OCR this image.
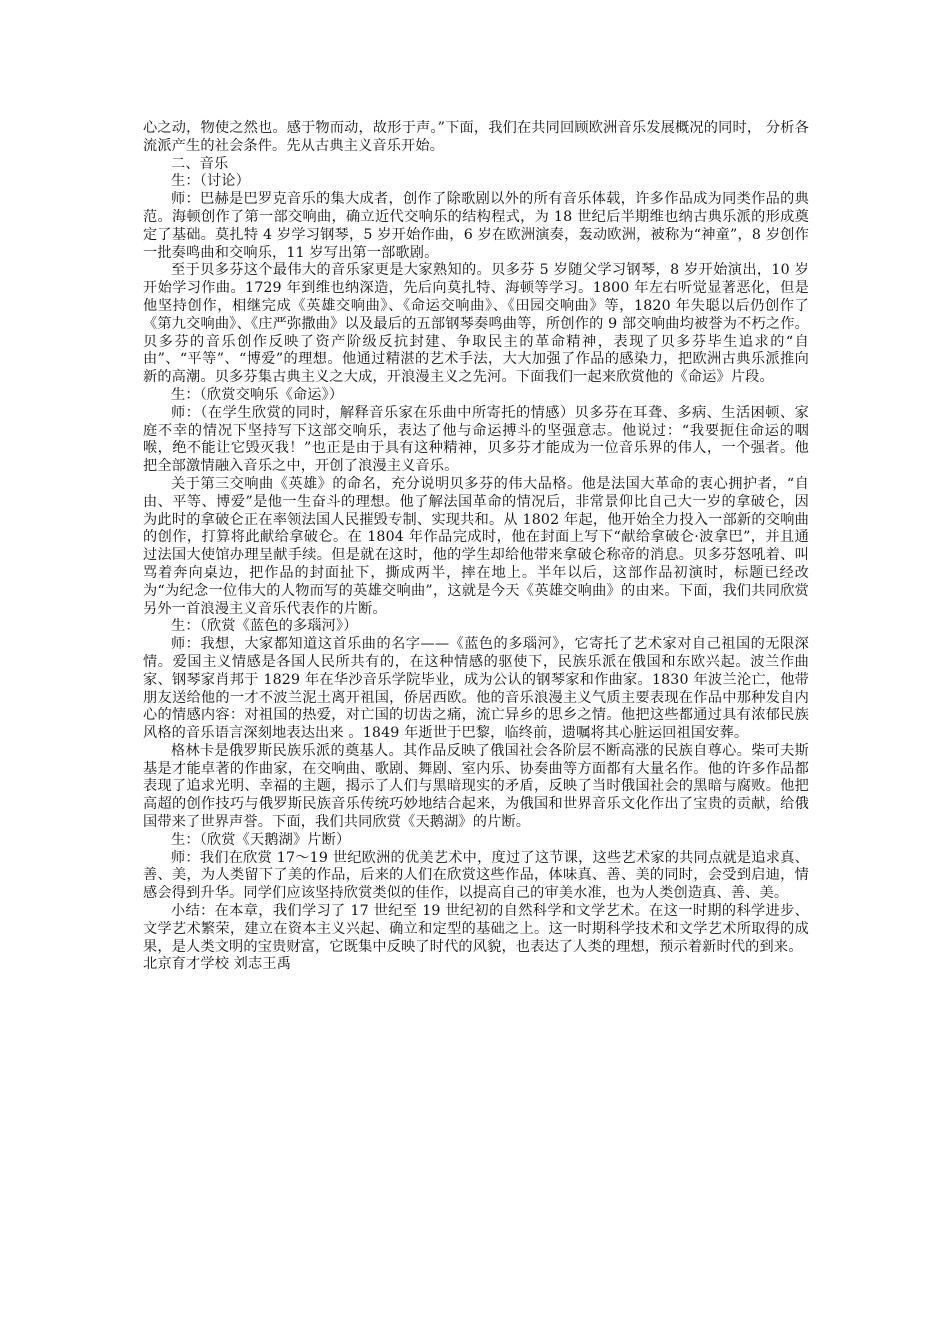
心之动，物使之然也。感于物而动，故形于声。”下面，我们在共同回顾欧洲音乐发展概况的同时， 分析各流派产生的社会条件。先从古典主义音乐开始。

二、音乐

生：（讨论）

师：巴赫是巴罗克音乐的集大成者，创作了除歌剧以外的所有音乐体载，许多作品成为同类作品的典范。海顿创作了第一部交响曲，确立近代交响乐的结构程式，为 18 世纪后半期维也纳古典乐派的形成奠定了基础。莫扎特 4 岁学习钢琴，5 岁开始作曲，6 岁在欧洲演奏，轰动欧洲，被称为“神童”，8 岁创作一批奏鸣曲和交响乐，11 岁写出第一部歌剧。

至于贝多芬这个最伟大的音乐家更是大家熟知的。贝多芬 5 岁随父学习钢琴，8 岁开始演出，10 岁开始学习作曲。1729 年到维也纳深造，先后向莫扎特、海顿等学习。1800 年左右听觉显著恶化，但是他坚持创作，相继完成《英雄交响曲》、《命运交响曲》、《田园交响曲》等，1820 年失聪以后仍创作了《第九交响曲》、《庄严弥撒曲》以及最后的五部钢琴奏鸣曲等，所创作的 9 部交响曲均被誉为不朽之作。贝多芬的音乐创作反映了资产阶级反抗封建、争取民主的革命精神，表现了贝多芬毕生追求的“自由”、“平等”、“博爱”的理想。他通过精湛的艺术手法，大大加强了作品的感染力，把欧洲古典乐派推向新的高潮。贝多芬集古典主义之大成，开浪漫主义之先河。下面我们一起来欣赏他的《命运》片段。

生：（欣赏交响乐《命运》）

师：（在学生欣赏的同时，解释音乐家在乐曲中所寄托的情感）贝多芬在耳聋、多病、生活困顿、家庭不幸的情况下坚持写下这部交响乐，表达了他与命运搏斗的坚强意志。他说过：“我要扼住命运的咽喉，绝不能让它毁灭我！”也正是由于具有这种精神，贝多芬才能成为一位音乐界的伟人，一个强者。他把全部激情融入音乐之中，开创了浪漫主义音乐。

关于第三交响曲《英雄》的命名，充分说明贝多芬的伟大品格。他是法国大革命的衷心拥护者，“自由、平等、博爱”是他一生奋斗的理想。他了解法国革命的情况后，非常景仰比自己大一岁的拿破仑，因为此时的拿破仑正在率领法国人民摧毁专制、实现共和。从 1802 年起，他开始全力投入一部新的交响曲的创作，打算将此献给拿破仑。在 1804 年作品完成时，他在封面上写下“献给拿破仑·波拿巴”，并且通过法国大使馆办理呈献手续。但是就在这时，他的学生却给他带来拿破仑称帝的消息。贝多芬怒吼着、叫骂着奔向桌边，把作品的封面扯下，撕成两半，摔在地上。半年以后，这部作品初演时，标题已经改为“为纪念一位伟大的人物而写的英雄交响曲”，这就是今天《英雄交响曲》的由来。下面，我们共同欣赏另外一首浪漫主义音乐代表作的片断。

生：（欣赏《蓝色的多瑙河》）

师：我想，大家都知道这首乐曲的名字——《蓝色的多瑙河》，它寄托了艺术家对自己祖国的无限深情。爱国主义情感是各国人民所共有的，在这种情感的驱使下，民族乐派在俄国和东欧兴起。波兰作曲家、钢琴家肖邦于 1829 年在华沙音乐学院毕业，成为公认的钢琴家和作曲家。1830 年波兰沦亡，他带朋友送给他的一才不波兰泥土离开祖国，侨居西欧。他的音乐浪漫主义气质主要表现在作品中那种发自内心的情感内容：对祖国的热爱，对亡国的切齿之痛，流亡异乡的思乡之情。他把这些都通过具有浓郁民族风格的音乐语言深刻地表达出来 。1849 年逝世于巴黎，临终前，遗嘱将其心脏运回祖国安葬。

格林卡是俄罗斯民族乐派的奠基人。其作品反映了俄国社会各阶层不断高涨的民族自尊心。柴可夫斯基是才能卓著的作曲家，在交响曲、歌剧、舞剧、室内乐、协奏曲等方面都有大量名作。他的许多作品都表现了追求光明、幸福的主题，揭示了人们与黑暗现实的矛盾，反映了当时俄国社会的黑暗与腐败。他把高超的创作技巧与俄罗斯民族音乐传统巧妙地结合起来，为俄国和世界音乐文化作出了宝贵的贡献，给俄国带来了世界声誉。下面，我们共同欣赏《天鹅湖》的片断。

生：（欣赏《天鹅湖》片断）

师：我们在欣赏 17～19 世纪欧洲的优美艺术中，度过了这节课，这些艺术家的共同点就是追求真、善、美，为人类留下了美的作品，后来的人们在欣赏这些作品，体味真、善、美的同时，会受到启迪，情感会得到升华。同学们应该坚持欣赏类似的佳作，以提高自己的审美水准，也为人类创造真、善、美。

小结：在本章，我们学习了 17 世纪至 19 世纪初的自然科学和文学艺术。在这一时期的科学进步、文学艺术繁荣，建立在资本主义兴起、确立和定型的基础之上。这一时期科学技术和文学艺术所取得的成果，是人类文明的宝贵财富，它既集中反映了时代的风貌，也表达了人类的理想，预示着新时代的到来。

北京育才学校 刘志王禹
